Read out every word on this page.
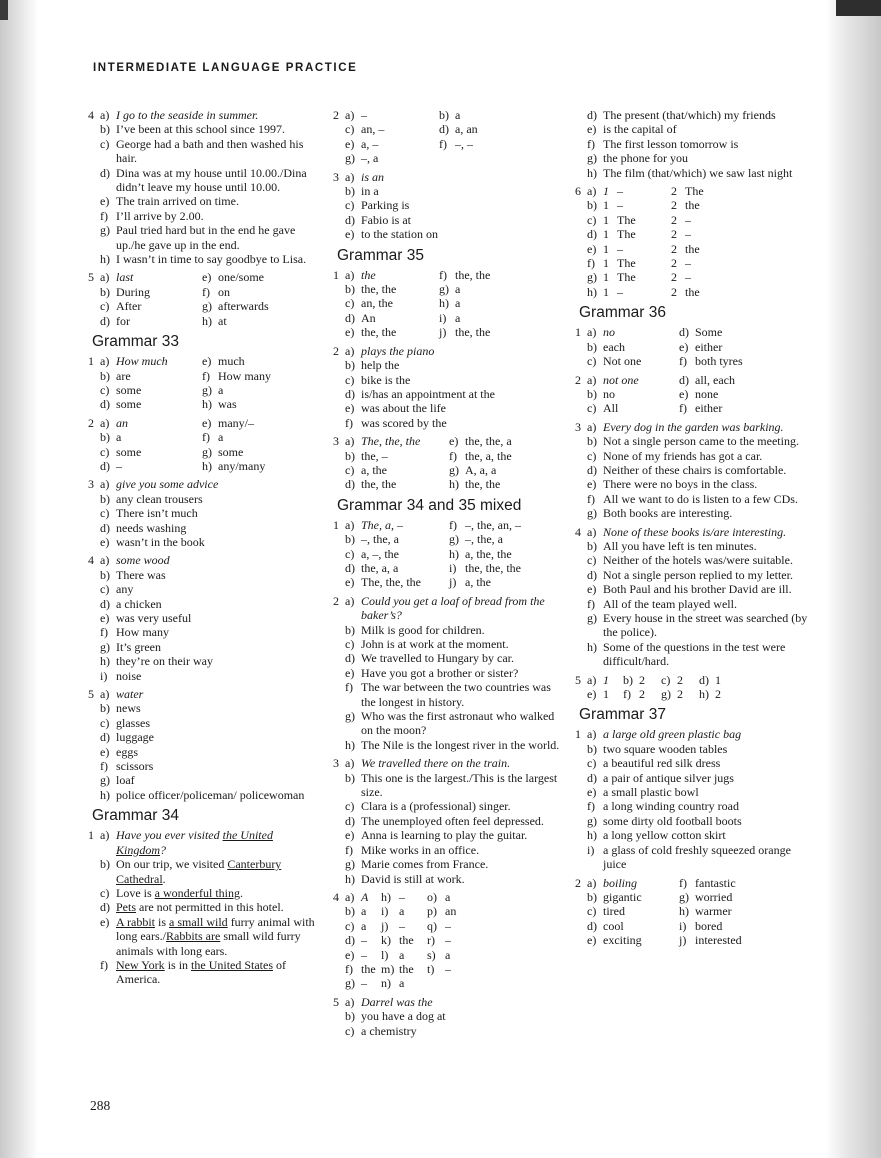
INTERMEDIATE LANGUAGE PRACTICE
4 a) I go to the seaside in summer.
b) I’ve been at this school since 1997.
c) George had a bath and then washed his hair.
d) Dina was at my house until 10.00./Dina didn’t leave my house until 10.00.
e) The train arrived on time.
f) I’ll arrive by 2.00.
g) Paul tried hard but in the end he gave up./he gave up in the end.
h) I wasn’t in time to say goodbye to Lisa.
5 a) last	e) one/some
b) During	f) on
c) After	g) afterwards
d) for	h) at
Grammar 33
1 a) How much	e) much
b) are	f) How many
c) some	g) a
d) some	h) was
2 a) an	e) many/–
b) a	f) a
c) some	g) some
d) –	h) any/many
3 a) give you some advice
b) any clean trousers
c) There isn’t much
d) needs washing
e) wasn’t in the book
4 a) some wood
b) There was
c) any
d) a chicken
e) was very useful
f) How many
g) It’s green
h) they’re on their way
i) noise
5 a) water
b) news
c) glasses
d) luggage
e) eggs
f) scissors
g) loaf
h) police officer/policeman/ policewoman
Grammar 34
1 a) Have you ever visited the United Kingdom?
b) On our trip, we visited Canterbury Cathedral.
c) Love is a wonderful thing.
d) Pets are not permitted in this hotel.
e) A rabbit is a small wild furry animal with long ears./Rabbits are small wild furry animals with long ears.
f) New York is in the United States of America.
2 a) –	b) a
c) an, –	d) a, an
e) a, –	f) –, –
g) –, a
3 a) is an
b) in a
c) Parking is
d) Fabio is at
e) to the station on
Grammar 35
1 a) the	f) the, the
b) the, the	g) a
c) an, the	h) a
d) An	i) a
e) the, the	j) the, the
2 a) plays the piano
b) help the
c) bike is the
d) is/has an appointment at the
e) was about the life
f) was scored by the
3 a) The, the, the e) the, the, a
b) the, –	f) the, a, the
c) a, the	g) A, a, a
d) the, the	h) the, the
Grammar 34 and 35 mixed
1 a) The, a, –	f) –, the, an, –
b) –, the, a	g) –, the, a
c) a, –, the	h) a, the, the
d) the, a, a	i) the, the, the
e) The, the, the j) a, the
2 a) Could you get a loaf of bread from the baker’s?
b) Milk is good for children.
c) John is at work at the moment.
d) We travelled to Hungary by car.
e) Have you got a brother or sister?
f) The war between the two countries was the longest in history.
g) Who was the first astronaut who walked on the moon?
h) The Nile is the longest river in the world.
3 a) We travelled there on the train.
b) This one is the largest./This is the largest size.
c) Clara is a (professional) singer.
d) The unemployed often feel depressed.
e) Anna is learning to play the guitar.
f) Mike works in an office.
g) Marie comes from France.
h) David is still at work.
4 a) A	h) –	o) a
b) a	i) a	p) an
c) a	j) –	q) –
d) –	k) the	r) –
e) –	l) a	s) a
f) the m) the	t) –
g) –	n) a
5 a) Darrel was the
b) you have a dog at
c) a chemistry
d) The present (that/which) my friends
e) is the capital of
f) The first lesson tomorrow is
g) the phone for you
h) The film (that/which) we saw last night
6 a) 1 –	2 The
b) 1 –	2 the
c) 1 The	2 –
d) 1 The	2 –
e) 1 –	2 the
f) 1 The	2 –
g) 1 The	2 –
h) 1 –	2 the
Grammar 36
1 a) no	d) Some
b) each	e) either
c) Not one	f) both tyres
2 a) not one	d) all, each
b) no	e) none
c) All	f) either
3 a) Every dog in the garden was barking.
b) Not a single person came to the meeting.
c) None of my friends has got a car.
d) Neither of these chairs is comfortable.
e) There were no boys in the class.
f) All we want to do is listen to a few CDs.
g) Both books are interesting.
4 a) None of these books is/are interesting.
b) All you have left is ten minutes.
c) Neither of the hotels was/were suitable.
d) Not a single person replied to my letter.
e) Both Paul and his brother David are ill.
f) All of the team played well.
g) Every house in the street was searched (by the police).
h) Some of the questions in the test were difficult/hard.
5 a) 1	b) 2	c) 2	d) 1
e) 1	f) 2	g) 2	h) 2
Grammar 37
1 a) a large old green plastic bag
b) two square wooden tables
c) a beautiful red silk dress
d) a pair of antique silver jugs
e) a small plastic bowl
f) a long winding country road
g) some dirty old football boots
h) a long yellow cotton skirt
i) a glass of cold freshly squeezed orange juice
2 a) boiling	f) fantastic
b) gigantic	g) worried
c) tired	h) warmer
d) cool	i) bored
e) exciting	j) interested
288
